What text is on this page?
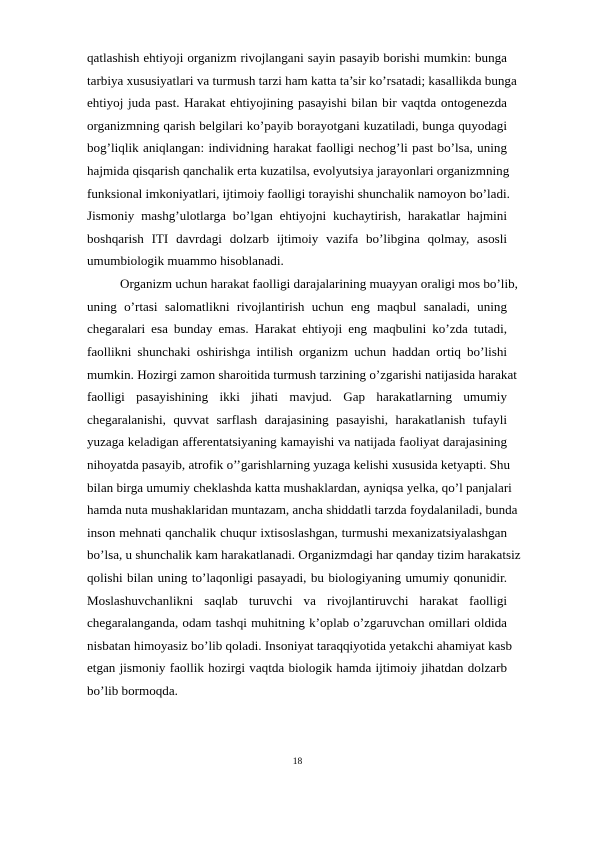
qatlashish ehtiyoji organizm rivojlangani sayin pasayib borishi mumkin: bunga
tarbiya xususiyatlari va turmush tarzi ham katta ta’sir ko’rsatadi; kasallikda bunga
ehtiyoj juda past. Harakat ehtiyojining pasayishi bilan bir vaqtda ontogenezda
organizmning qarish belgilari ko’payib borayotgani kuzatiladi, bunga quyodagi
bog’liqlik aniqlangan: individning harakat faolligi nechog’li past bo’lsa, uning
hajmida qisqarish qanchalik erta kuzatilsa, evolyutsiya jarayonlari organizmning
funksional imkoniyatlari, ijtimoiy faolligi torayishi shunchalik namoyon bo’ladi.
Jismoniy mashg’ulotlarga bo’lgan ehtiyojni kuchaytirish, harakatlar hajmini
boshqarish ITI davrdagi dolzarb ijtimoiy vazifa bo’libgina qolmay, asosli
umumbiologik muammo hisoblanadi.
Organizm uchun harakat faolligi darajalarining muayyan oraligi mos bo’lib,
uning o’rtasi salomatlikni rivojlantirish uchun eng maqbul sanaladi, uning
chegaralari esa bunday emas. Harakat ehtiyoji eng maqbulini ko’zda tutadi,
faollikni shunchaki oshirishga intilish organizm uchun haddan ortiq bo’lishi
mumkin. Hozirgi zamon sharoitida turmush tarzining o’zgarishi natijasida harakat
faolligi pasayishining ikki jihati mavjud. Gap harakatlarning umumiy
chegaralanishi, quvvat sarflash darajasining pasayishi, harakatlanish tufayli
yuzaga keladigan afferentatsiyaning kamayishi va natijada faoliyat darajasining
nihoyatda pasayib, atrofik o’’garishlarning yuzaga kelishi xususida ketyapti. Shu
bilan birga umumiy cheklashda katta mushaklardan, ayniqsa yelka, qo’l panjalari
hamda nuta mushaklaridan muntazam, ancha shiddatli tarzda foydalaniladi, bunda
inson mehnati qanchalik chuqur ixtisoslashgan, turmushi mexanizatsiyalashgan
bo’lsa, u shunchalik kam harakatlanadi. Organizmdagi har qanday tizim harakatsiz
qolishi bilan uning to’laqonligi pasayadi, bu biologiyaning umumiy qonunidir.
Moslashuvchanlikni saqlab turuvchi va rivojlantiruvchi harakat faolligi
chegaralanganda, odam tashqi muhitning k’oplab o’zgaruvchan omillari oldida
nisbatan himoyasiz bo’lib qoladi. Insoniyat taraqqiyotida yetakchi ahamiyat kasb
etgan jismoniy faollik hozirgi vaqtda biologik hamda ijtimoiy jihatdan dolzarb
bo’lib bormoqda.
18
